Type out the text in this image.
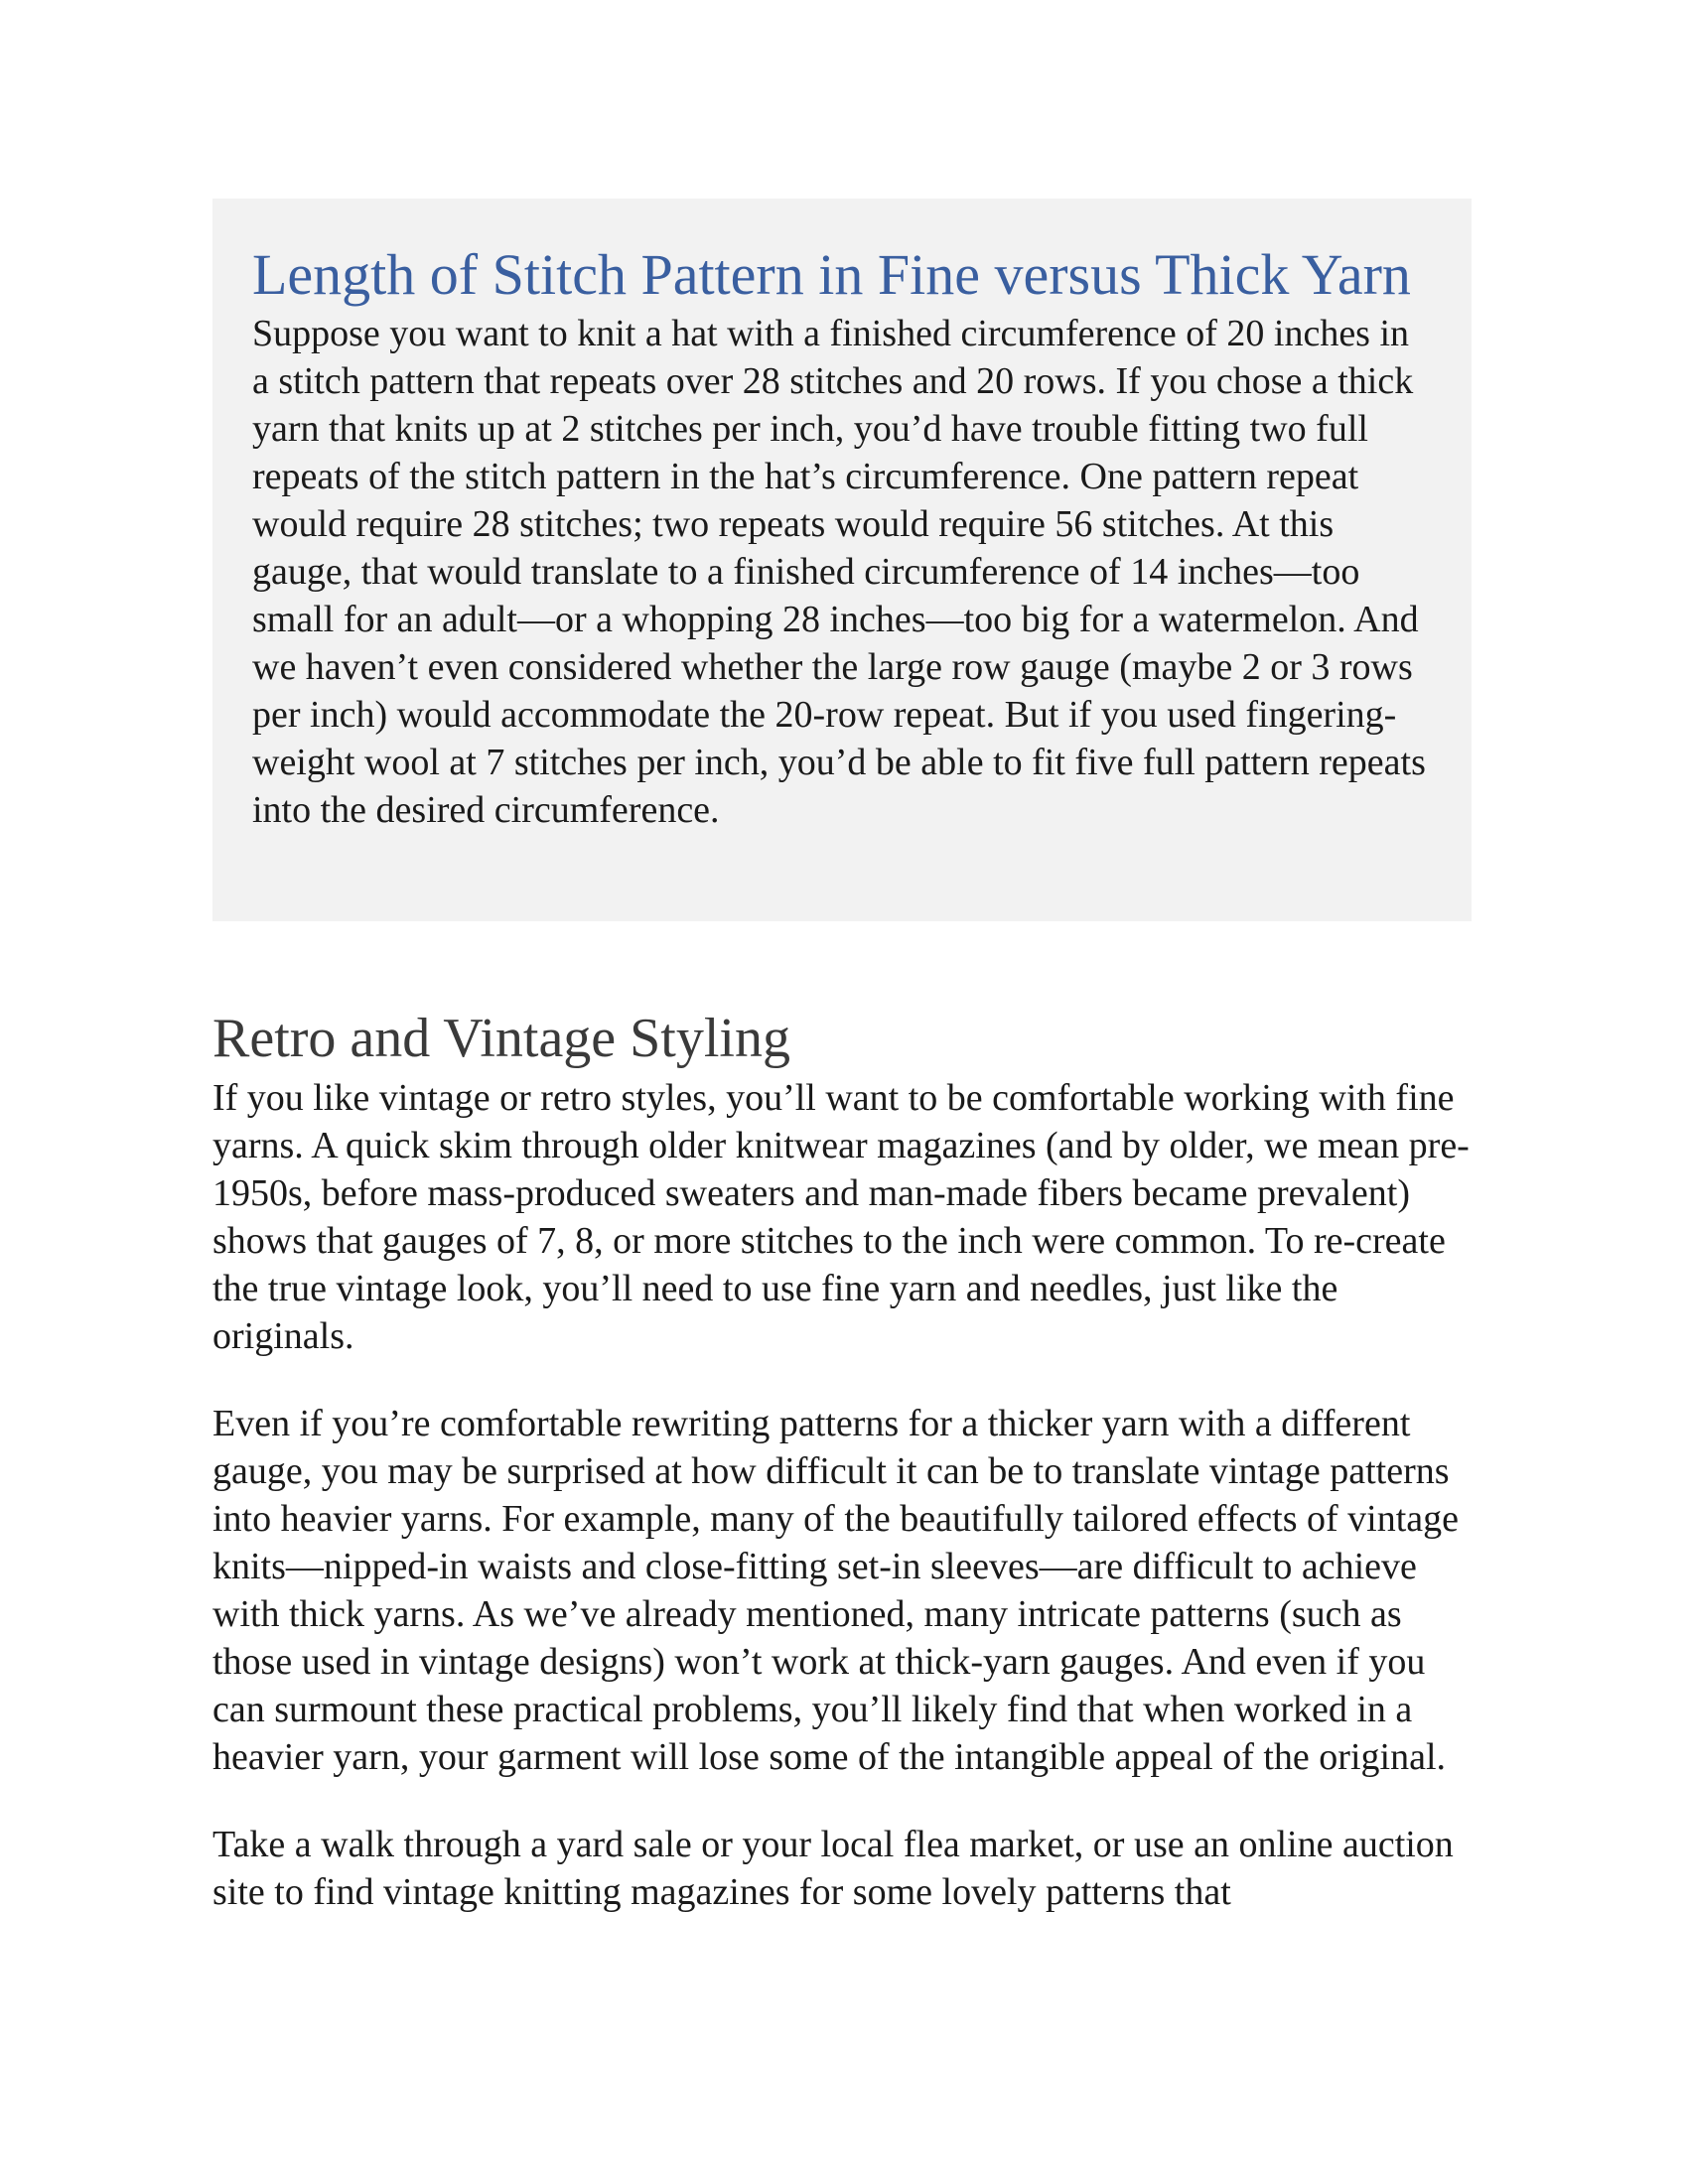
Length of Stitch Pattern in Fine versus Thick Yarn

Suppose you want to knit a hat with a finished circumference of 20 inches in a stitch pattern that repeats over 28 stitches and 20 rows. If you chose a thick yarn that knits up at 2 stitches per inch, you’d have trouble fitting two full repeats of the stitch pattern in the hat’s circumference. One pattern repeat would require 28 stitches; two repeats would require 56 stitches. At this gauge, that would translate to a finished circumference of 14 inches—too small for an adult—or a whopping 28 inches—too big for a watermelon. And we haven’t even considered whether the large row gauge (maybe 2 or 3 rows per inch) would accommodate the 20-row repeat. But if you used fingering-weight wool at 7 stitches per inch, you’d be able to fit five full pattern repeats into the desired circumference.

Retro and Vintage Styling

If you like vintage or retro styles, you’ll want to be comfortable working with fine yarns. A quick skim through older knitwear magazines (and by older, we mean pre-1950s, before mass-produced sweaters and man-made fibers became prevalent) shows that gauges of 7, 8, or more stitches to the inch were common. To re-create the true vintage look, you’ll need to use fine yarn and needles, just like the originals.

Even if you’re comfortable rewriting patterns for a thicker yarn with a different gauge, you may be surprised at how difficult it can be to translate vintage patterns into heavier yarns. For example, many of the beautifully tailored effects of vintage knits—nipped-in waists and close-fitting set-in sleeves—are difficult to achieve with thick yarns. As we’ve already mentioned, many intricate patterns (such as those used in vintage designs) won’t work at thick-yarn gauges. And even if you can surmount these practical problems, you’ll likely find that when worked in a heavier yarn, your garment will lose some of the intangible appeal of the original.

Take a walk through a yard sale or your local flea market, or use an online auction site to find vintage knitting magazines for some lovely patterns that
